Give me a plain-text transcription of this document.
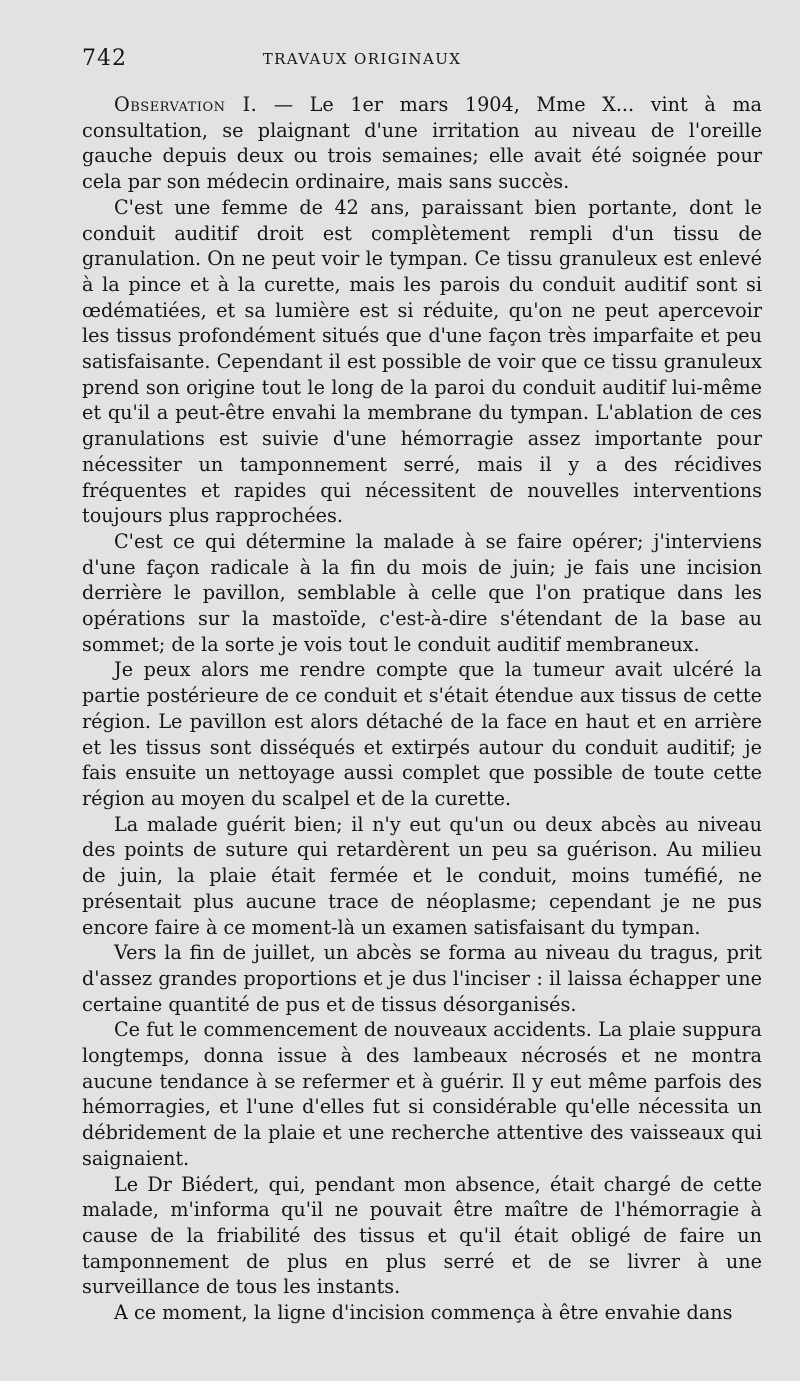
742	TRAVAUX ORIGINAUX

Observation I. — Le 1er mars 1904, Mme X... vint à ma consultation, se plaignant d'une irritation au niveau de l'oreille gauche depuis deux ou trois semaines; elle avait été soignée pour cela par son médecin ordinaire, mais sans succès.

C'est une femme de 42 ans, paraissant bien portante, dont le conduit auditif droit est complètement rempli d'un tissu de granulation. On ne peut voir le tympan. Ce tissu granuleux est enlevé à la pince et à la curette, mais les parois du conduit auditif sont si œdématiées, et sa lumière est si réduite, qu'on ne peut apercevoir les tissus profondément situés que d'une façon très imparfaite et peu satisfaisante. Cependant il est possible de voir que ce tissu granuleux prend son origine tout le long de la paroi du conduit auditif lui-même et qu'il a peut-être envahi la membrane du tympan. L'ablation de ces granulations est suivie d'une hémorragie assez importante pour nécessiter un tamponnement serré, mais il y a des récidives fréquentes et rapides qui nécessitent de nouvelles interventions toujours plus rapprochées.

C'est ce qui détermine la malade à se faire opérer; j'interviens d'une façon radicale à la fin du mois de juin; je fais une incision derrière le pavillon, semblable à celle que l'on pratique dans les opérations sur la mastoïde, c'est-à-dire s'étendant de la base au sommet; de la sorte je vois tout le conduit auditif membraneux.

Je peux alors me rendre compte que la tumeur avait ulcéré la partie postérieure de ce conduit et s'était étendue aux tissus de cette région. Le pavillon est alors détaché de la face en haut et en arrière et les tissus sont disséqués et extirpés autour du conduit auditif; je fais ensuite un nettoyage aussi complet que possible de toute cette région au moyen du scalpel et de la curette.

La malade guérit bien; il n'y eut qu'un ou deux abcès au niveau des points de suture qui retardèrent un peu sa guérison. Au milieu de juin, la plaie était fermée et le conduit, moins tuméfié, ne présentait plus aucune trace de néoplasme; cependant je ne pus encore faire à ce moment-là un examen satisfaisant du tympan.

Vers la fin de juillet, un abcès se forma au niveau du tragus, prit d'assez grandes proportions et je dus l'inciser : il laissa échapper une certaine quantité de pus et de tissus désorganisés.

Ce fut le commencement de nouveaux accidents. La plaie suppura longtemps, donna issue à des lambeaux nécrosés et ne montra aucune tendance à se refermer et à guérir. Il y eut même parfois des hémorragies, et l'une d'elles fut si considérable qu'elle nécessita un débridement de la plaie et une recherche attentive des vaisseaux qui saignaient.

Le Dr Biédert, qui, pendant mon absence, était chargé de cette malade, m'informa qu'il ne pouvait être maître de l'hémorragie à cause de la friabilité des tissus et qu'il était obligé de faire un tamponnement de plus en plus serré et de se livrer à une surveillance de tous les instants.

A ce moment, la ligne d'incision commença à être envahie dans
